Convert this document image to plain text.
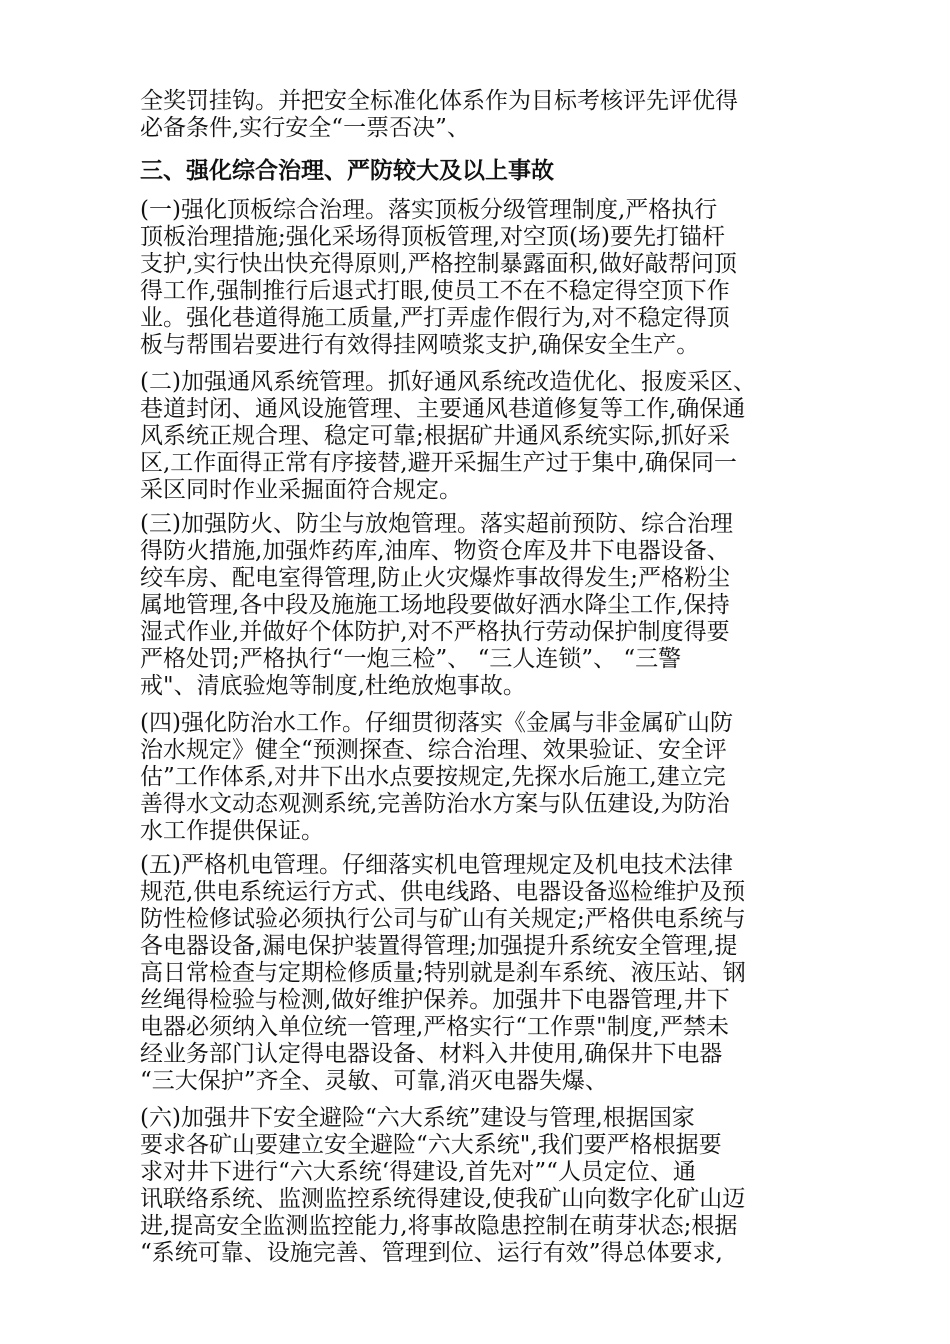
全奖罚挂钩。并把安全标准化体系作为目标考核评先评优得
必备条件,实行安全“一票否决”、
三、强化综合治理、严防较大及以上事故
(一)强化顶板综合治理。落实顶板分级管理制度,严格执行
顶板治理措施;强化采场得顶板管理,对空顶(场)要先打锚杆
支护,实行快出快充得原则,严格控制暴露面积,做好敲帮问顶
得工作,强制推行后退式打眼,使员工不在不稳定得空顶下作
业。强化巷道得施工质量,严打弄虚作假行为,对不稳定得顶
板与帮围岩要进行有效得挂网喷浆支护,确保安全生产。
(二)加强通风系统管理。抓好通风系统改造优化、报废采区、
巷道封闭、通风设施管理、主要通风巷道修复等工作,确保通
风系统正规合理、稳定可靠;根据矿井通风系统实际,抓好采
区,工作面得正常有序接替,避开采掘生产过于集中,确保同一
采区同时作业采掘面符合规定。
(三)加强防火、防尘与放炮管理。落实超前预防、综合治理
得防火措施,加强炸药库,油库、物资仓库及井下电器设备、
绞车房、配电室得管理,防止火灾爆炸事故得发生;严格粉尘
属地管理,各中段及施施工场地段要做好洒水降尘工作,保持
湿式作业,并做好个体防护,对不严格执行劳动保护制度得要
严格处罚;严格执行“一炮三检”、 “三人连锁”、 “三警
戒"、清底验炮等制度,杜绝放炮事故。
(四)强化防治水工作。仔细贯彻落实《金属与非金属矿山防
治水规定》健全“预测探查、综合治理、效果验证、安全评
估”工作体系,对井下出水点要按规定,先探水后施工,建立完
善得水文动态观测系统,完善防治水方案与队伍建设,为防治
水工作提供保证。
(五)严格机电管理。仔细落实机电管理规定及机电技术法律
规范,供电系统运行方式、供电线路、电器设备巡检维护及预
防性检修试验必须执行公司与矿山有关规定;严格供电系统与
各电器设备,漏电保护装置得管理;加强提升系统安全管理,提
高日常检查与定期检修质量;特别就是刹车系统、液压站、钢
丝绳得检验与检测,做好维护保养。加强井下电器管理,井下
电器必须纳入单位统一管理,严格实行“工作票"制度,严禁未
经业务部门认定得电器设备、材料入井使用,确保井下电器
“三大保护”齐全、灵敏、可靠,消灭电器失爆、
(六)加强井下安全避险“六大系统”建设与管理,根据国家
要求各矿山要建立安全避险“六大系统",我们要严格根据要
求对井下进行“六大系统‘得建设,首先对”“人员定位、通
讯联络系统、监测监控系统得建设,使我矿山向数字化矿山迈
进,提高安全监测监控能力,将事故隐患控制在萌芽状态;根据
“系统可靠、设施完善、管理到位、运行有效”得总体要求,
